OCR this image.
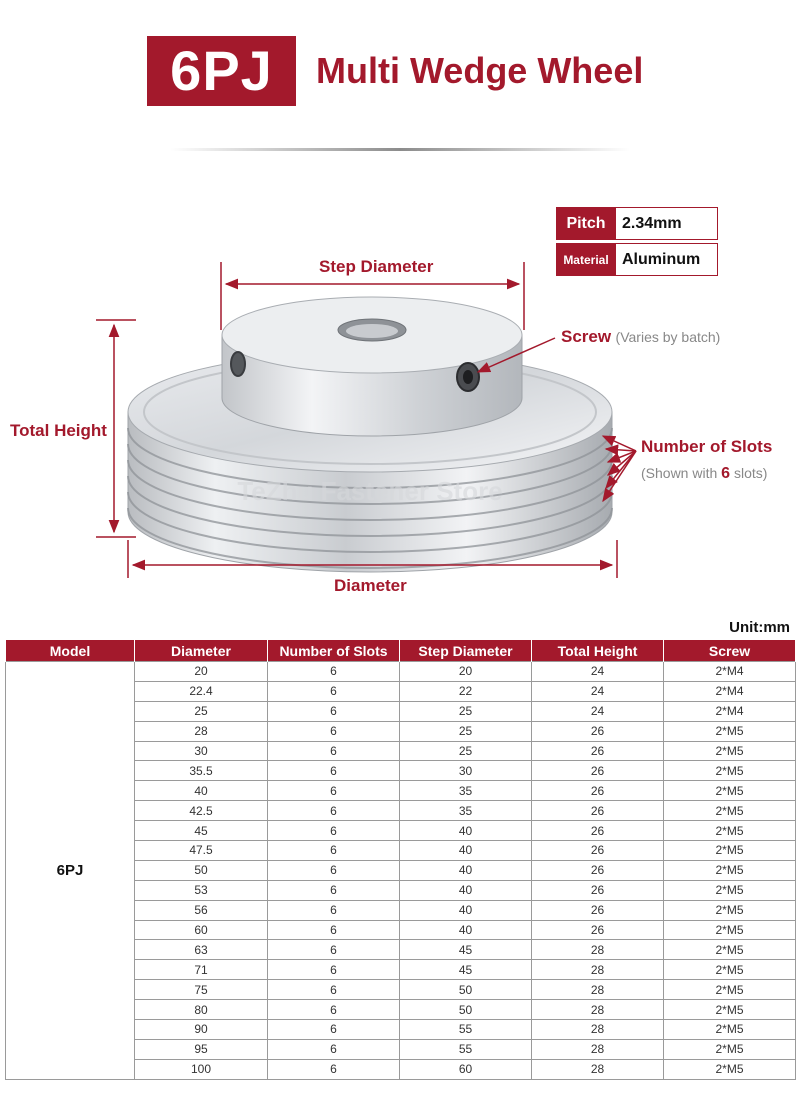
6PJ	Multi Wedge Wheel
Pitch	2.34mm
Material Aluminum
TeZhu Fastener Store
Step Diameter
Screw (Varies by batch)
Total Height
Number of Slots
(Shown with 6 slots)
Diameter
Unit:mm
Model	Diameter	Number of Slots	Step Diameter	Total Height	Screw
6PJ	20	6	20	24	2*M4
	22.4	6	22	24	2*M4
	25	6	25	24	2*M4
	28	6	25	26	2*M5
	30	6	25	26	2*M5
	35.5	6	30	26	2*M5
	40	6	35	26	2*M5
	42.5	6	35	26	2*M5
	45	6	40	26	2*M5
	47.5	6	40	26	2*M5
	50	6	40	26	2*M5
	53	6	40	26	2*M5
	56	6	40	26	2*M5
	60	6	40	26	2*M5
	63	6	45	28	2*M5
	71	6	45	28	2*M5
	75	6	50	28	2*M5
	80	6	50	28	2*M5
	90	6	55	28	2*M5
	95	6	55	28	2*M5
	100	6	60	28	2*M5
